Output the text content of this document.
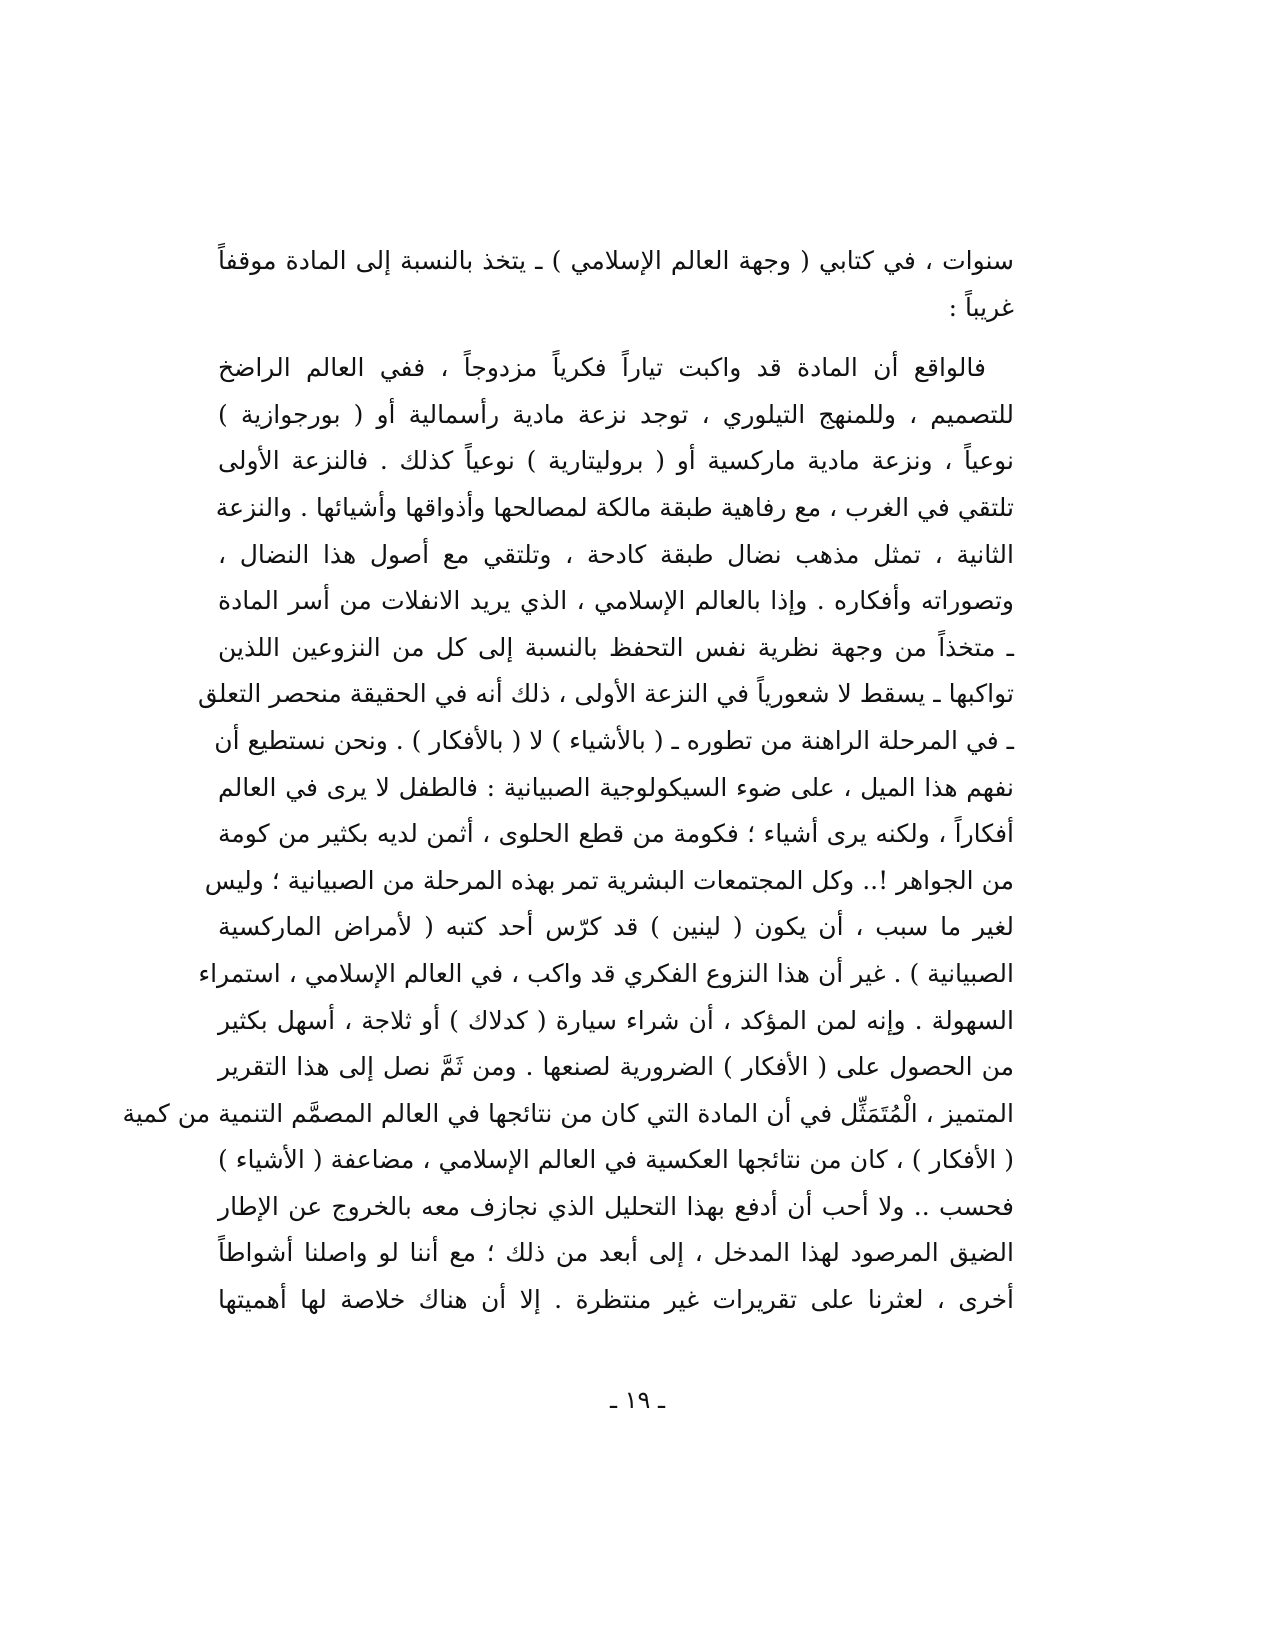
سنوات ، في كتابي ( وجهة العالم الإسلامي ) ـ يتخذ بالنسبة إلى المادة موقفاً
غريباً :

فالواقع أن المادة قد واكبت تياراً فكرياً مزدوجاً ، ففي العالم الراضخ
للتصميم ، وللمنهج التيلوري ، توجد نزعة مادية رأسمالية أو ( بورجوازية )
نوعياً ، ونزعة مادية ماركسية أو ( بروليتارية ) نوعياً كذلك . فالنزعة الأولى
تلتقي في الغرب ، مع رفاهية طبقة مالكة لمصالحها وأذواقها وأشيائها . والنزعة
الثانية ، تمثل مذهب نضال طبقة كادحة ، وتلتقي مع أصول هذا النضال ،
وتصوراته وأفكاره . وإذا بالعالم الإسلامي ، الذي يريد الانفلات من أسر المادة
ـ متخذاً من وجهة نظرية نفس التحفظ بالنسبة إلى كل من النزوعين اللذين
تواكبها ـ يسقط لا شعورياً في النزعة الأولى ، ذلك أنه في الحقيقة منحصر التعلق
ـ في المرحلة الراهنة من تطوره ـ ( بالأشياء ) لا ( بالأفكار ) . ونحن نستطيع أن
نفهم هذا الميل ، على ضوء السيكولوجية الصبيانية : فالطفل لا يرى في العالم
أفكاراً ، ولكنه يرى أشياء ؛ فكومة من قطع الحلوى ، أثمن لديه بكثير من كومة
من الجواهر !.. وكل المجتمعات البشرية تمر بهذه المرحلة من الصبيانية ؛ وليس
لغير ما سبب ، أن يكون ( لينين ) قد كرّس أحد كتبه ( لأمراض الماركسية
الصبيانية ) . غير أن هذا النزوع الفكري قد واكب ، في العالم الإسلامي ، استمراء
السهولة . وإنه لمن المؤكد ، أن شراء سيارة ( كدلاك ) أو ثلاجة ، أسهل بكثير
من الحصول على ( الأفكار ) الضرورية لصنعها . ومن ثَمَّ نصل إلى هذا التقرير
المتميز ، الْمُتَمَثِّل في أن المادة التي كان من نتائجها في العالم المصمَّم التنمية من كمية
( الأفكار ) ، كان من نتائجها العكسية في العالم الإسلامي ، مضاعفة ( الأشياء )
فحسب .. ولا أحب أن أدفع بهذا التحليل الذي نجازف معه بالخروج عن الإطار
الضيق المرصود لهذا المدخل ، إلى أبعد من ذلك ؛ مع أننا لو واصلنا أشواطاً
أخرى ، لعثرنا على تقريرات غير منتظرة . إلا أن هناك خلاصة لها أهميتها

ـ ١٩ ـ
